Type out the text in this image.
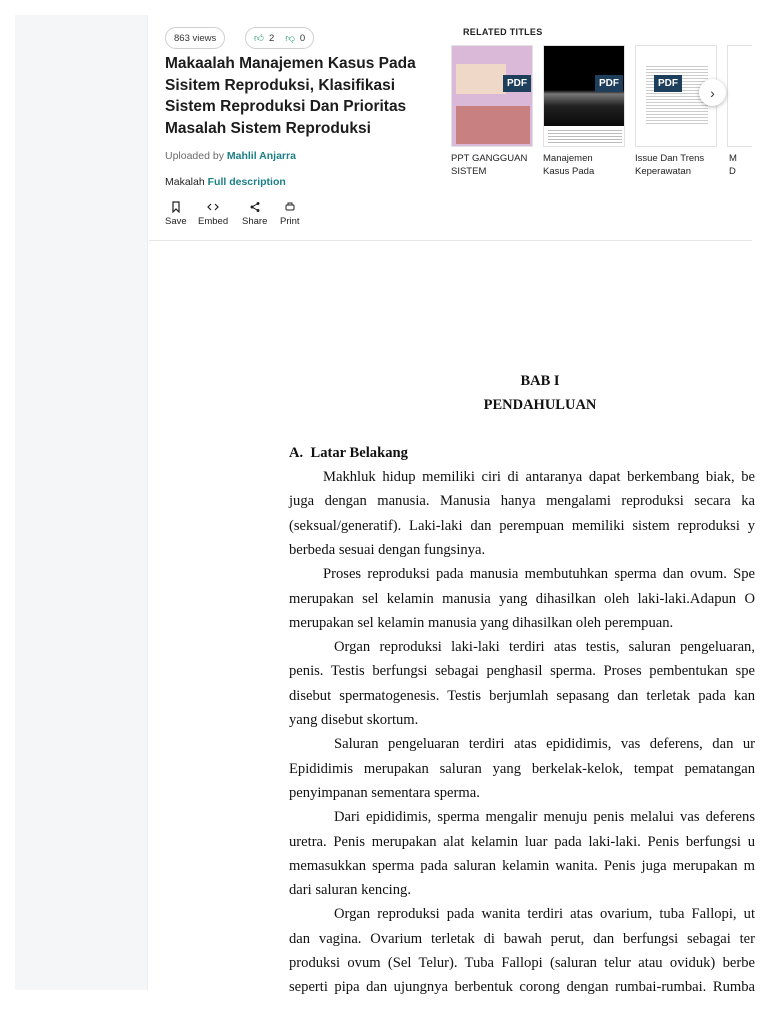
863 views	👍︎ 2 👎︎ 0
Makaalah Manajemen Kasus Pada Sisitem Reproduksi, Klasifikasi Sistem Reproduksi Dan Prioritas Masalah Sistem Reproduksi
Uploaded by Mahlil Anjarra
Makalah Full description
Save Embed Share Print
RELATED TITLES
PDF	PDF	PDF
PPT GANGGUAN
SISTEM
Manajemen
Kasus Pada
Issue Dan Trens
Keperawatan
M
D
›
BAB I
PENDAHULUAN
A.  Latar Belakang
Makhluk hidup memiliki ciri di antaranya dapat berkembang biak, be
juga dengan manusia. Manusia hanya mengalami reproduksi secara ka
(seksual/generatif). Laki-laki dan perempuan memiliki sistem reproduksi y
berbeda sesuai dengan fungsinya.
Proses reproduksi pada manusia membutuhkan sperma dan ovum. Spe
merupakan sel kelamin manusia yang dihasilkan oleh laki-laki.Adapun O
merupakan sel kelamin manusia yang dihasilkan oleh perempuan.
Organ reproduksi laki-laki terdiri atas testis, saluran pengeluaran,
penis. Testis berfungsi sebagai penghasil sperma. Proses pembentukan spe
disebut spermatogenesis. Testis berjumlah sepasang dan terletak pada kan
yang disebut skortum.
Saluran pengeluaran terdiri atas epididimis, vas deferens, dan ur
Epididimis merupakan saluran yang berkelak-kelok, tempat pematangan
penyimpanan sementara sperma.
Dari epididimis, sperma mengalir menuju penis melalui vas deferens
uretra. Penis merupakan alat kelamin luar pada laki-laki. Penis berfungsi u
memasukkan sperma pada saluran kelamin wanita. Penis juga merupakan m
dari saluran kencing.
Organ reproduksi pada wanita terdiri atas ovarium, tuba Fallopi, ut
dan vagina. Ovarium terletak di bawah perut, dan berfungsi sebagai ter
produksi ovum (Sel Telur). Tuba Fallopi (saluran telur atau oviduk) berbe
seperti pipa dan ujungnya berbentuk corong dengan rumbai-rumbai. Rumba
